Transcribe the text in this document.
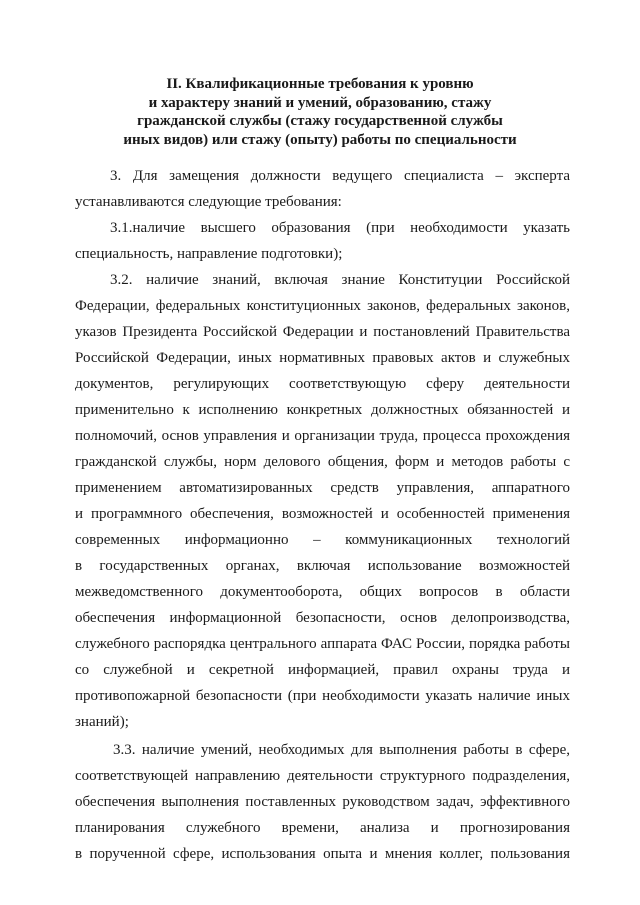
II. Квалификационные требования к уровню
и характеру знаний и умений, образованию, стажу
гражданской службы (стажу государственной службы
иных видов) или стажу (опыту) работы по специальности
3. Для замещения должности ведущего специалиста – эксперта
устанавливаются следующие требования:
3.1.наличие высшего образования (при необходимости указать
специальность, направление подготовки);
3.2. наличие знаний, включая знание Конституции Российской
Федерации, федеральных конституционных законов, федеральных законов,
указов Президента Российской Федерации и постановлений Правительства
Российской Федерации, иных нормативных правовых актов и служебных
документов, регулирующих соответствующую сферу деятельности
применительно к исполнению конкретных должностных обязанностей и
полномочий, основ управления и организации труда, процесса прохождения
гражданской службы, норм делового общения, форм и методов работы с
применением автоматизированных средств управления, аппаратного
и программного обеспечения, возможностей и особенностей применения
современных информационно – коммуникационных технологий
в государственных органах, включая использование возможностей
межведомственного документооборота, общих вопросов в области
обеспечения информационной безопасности, основ делопроизводства,
служебного распорядка центрального аппарата ФАС России, порядка работы
со служебной и секретной информацией, правил охраны труда и
противопожарной безопасности (при необходимости указать наличие иных
знаний);
3.3. наличие умений, необходимых для выполнения работы в сфере,
соответствующей направлению деятельности структурного подразделения,
обеспечения выполнения поставленных руководством задач, эффективного
планирования служебного времени, анализа и прогнозирования
в порученной сфере, использования опыта и мнения коллег, пользования
